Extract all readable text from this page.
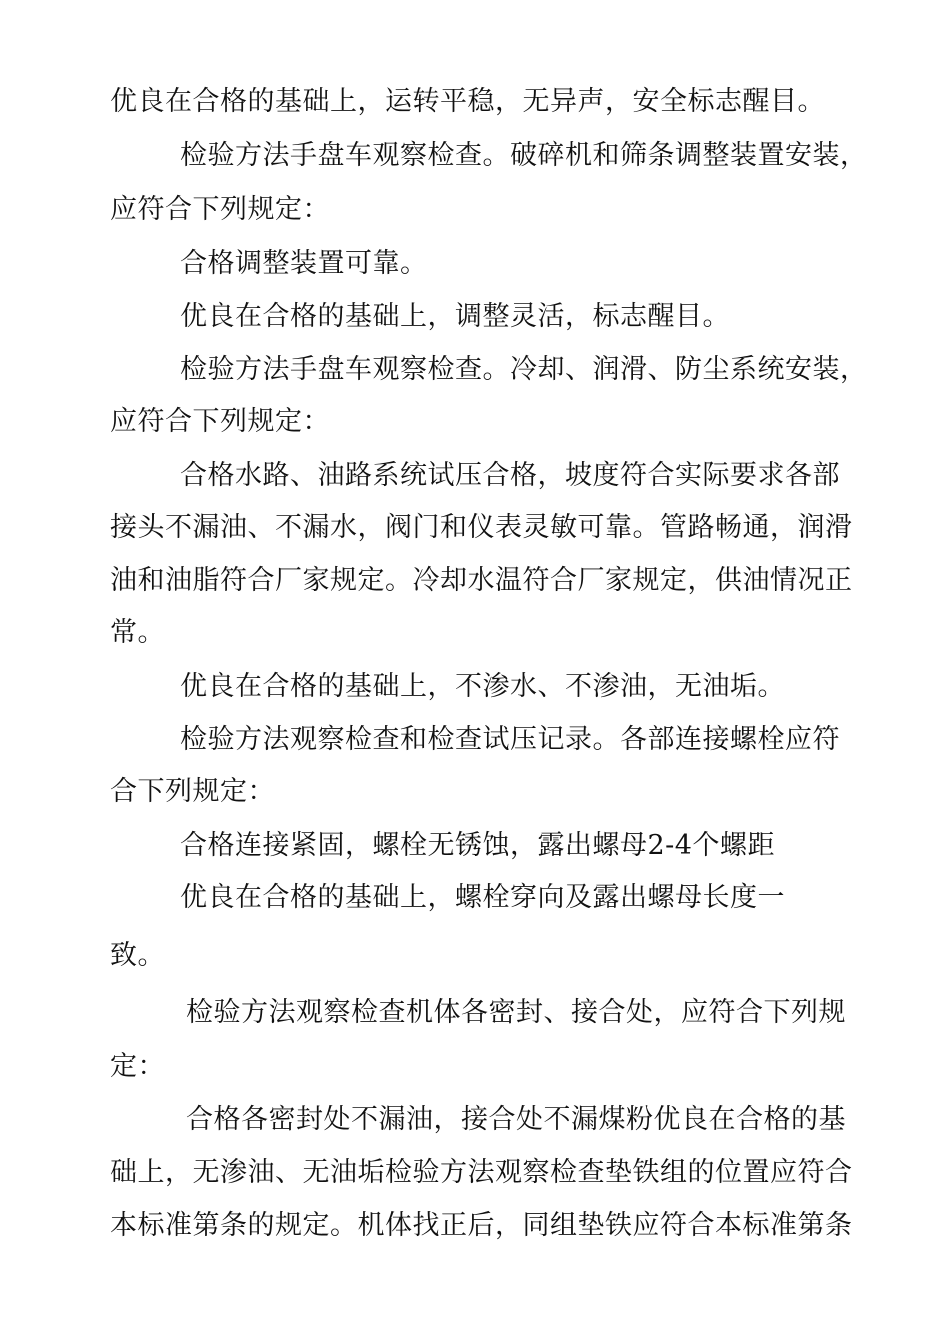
优良在合格的基础上，运转平稳，无异声，安全标志醒目。
检验方法手盘车观察检查。破碎机和筛条调整装置安装，
应符合下列规定：
合格调整装置可靠。
优良在合格的基础上，调整灵活，标志醒目。
检验方法手盘车观察检查。冷却、润滑、防尘系统安装，
应符合下列规定：
合格水路、油路系统试压合格，坡度符合实际要求各部
接头不漏油、不漏水，阀门和仪表灵敏可靠。管路畅通，润滑
油和油脂符合厂家规定。冷却水温符合厂家规定，供油情况正
常。
优良在合格的基础上，不渗水、不渗油，无油垢。
检验方法观察检查和检查试压记录。各部连接螺栓应符
合下列规定：
合格连接紧固，螺栓无锈蚀，露出螺母2-4个螺距
优良在合格的基础上，螺栓穿向及露出螺母长度一
致。
检验方法观察检查机体各密封、接合处，应符合下列规
定：
合格各密封处不漏油，接合处不漏煤粉优良在合格的基
础上，无渗油、无油垢检验方法观察检查垫铁组的位置应符合
本标准第条的规定。机体找正后，同组垫铁应符合本标准第条
